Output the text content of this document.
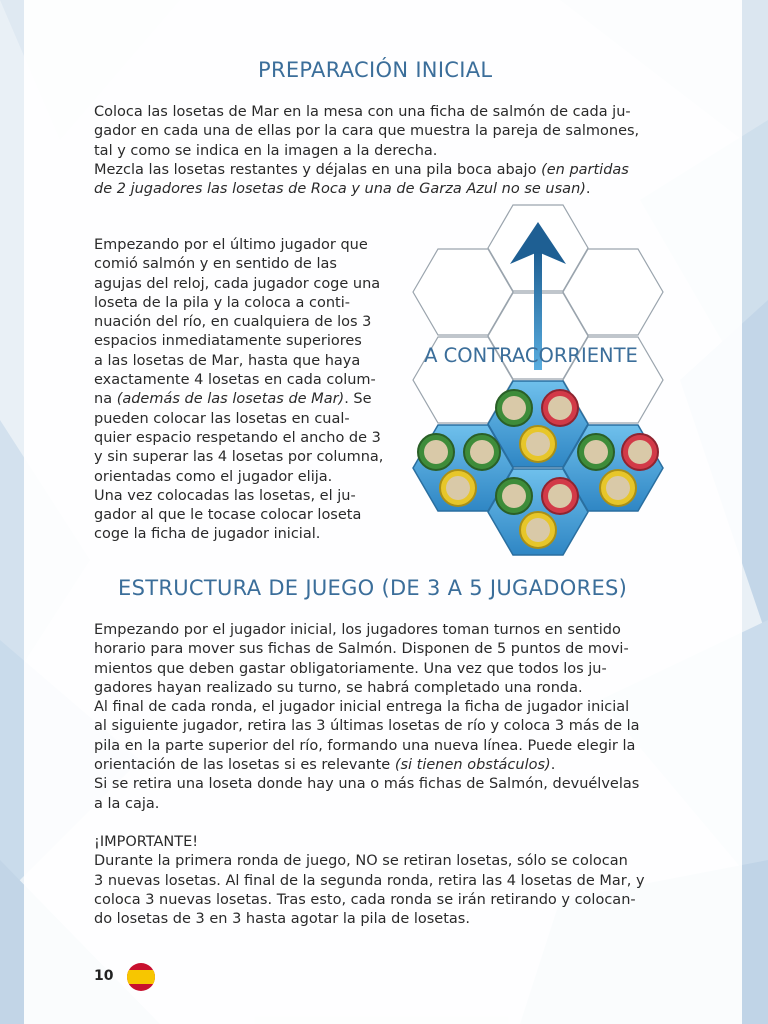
PREPARACIÓN INICIAL

Coloca las losetas de Mar en la mesa con una ficha de salmón de cada ju-
gador en cada una de ellas por la cara que muestra la pareja de salmones,
tal y como se indica en la imagen a la derecha.

Mezcla las losetas restantes y déjalas en una pila boca abajo (en partidas
de 2 jugadores las losetas de Roca y una de Garza Azul no se usan).

Empezando por el último jugador que
comió salmón y en sentido de las
agujas del reloj, cada jugador coge una
loseta de la pila y la coloca a conti-
nuación del río, en cualquiera de los 3
espacios inmediatamente superiores
a las losetas de Mar, hasta que haya
exactamente 4 losetas en cada colum-
na (además de las losetas de Mar). Se
pueden colocar las losetas en cual-
quier espacio respetando el ancho de 3
y sin superar las 4 losetas por columna,
orientadas como el jugador elija.

Una vez colocadas las losetas, el ju-
gador al que le tocase colocar loseta
coge la ficha de jugador inicial.

A CONTRACORRIENTE
ESTRUCTURA DE JUEGO (DE 3 A 5 JUGADORES)

Empezando por el jugador inicial, los jugadores toman turnos en sentido
horario para mover sus fichas de Salmón. Disponen de 5 puntos de movi-
mientos que deben gastar obligatoriamente. Una vez que todos los ju-
gadores hayan realizado su turno, se habrá completado una ronda.

Al final de cada ronda, el jugador inicial entrega la ficha de jugador inicial
al siguiente jugador, retira las 3 últimas losetas de río y coloca 3 más de la
pila en la parte superior del río, formando una nueva línea. Puede elegir la
orientación de las losetas si es relevante (si tienen obstáculos).

Si se retira una loseta donde hay una o más fichas de Salmón, devuélvelas
a la caja.

¡IMPORTANTE!

Durante la primera ronda de juego, NO se retiran losetas, sólo se colocan
3 nuevas losetas. Al final de la segunda ronda, retira las 4 losetas de Mar, y
coloca 3 nuevas losetas. Tras esto, cada ronda se irán retirando y colocan-
do losetas de 3 en 3 hasta agotar la pila de losetas.

10
